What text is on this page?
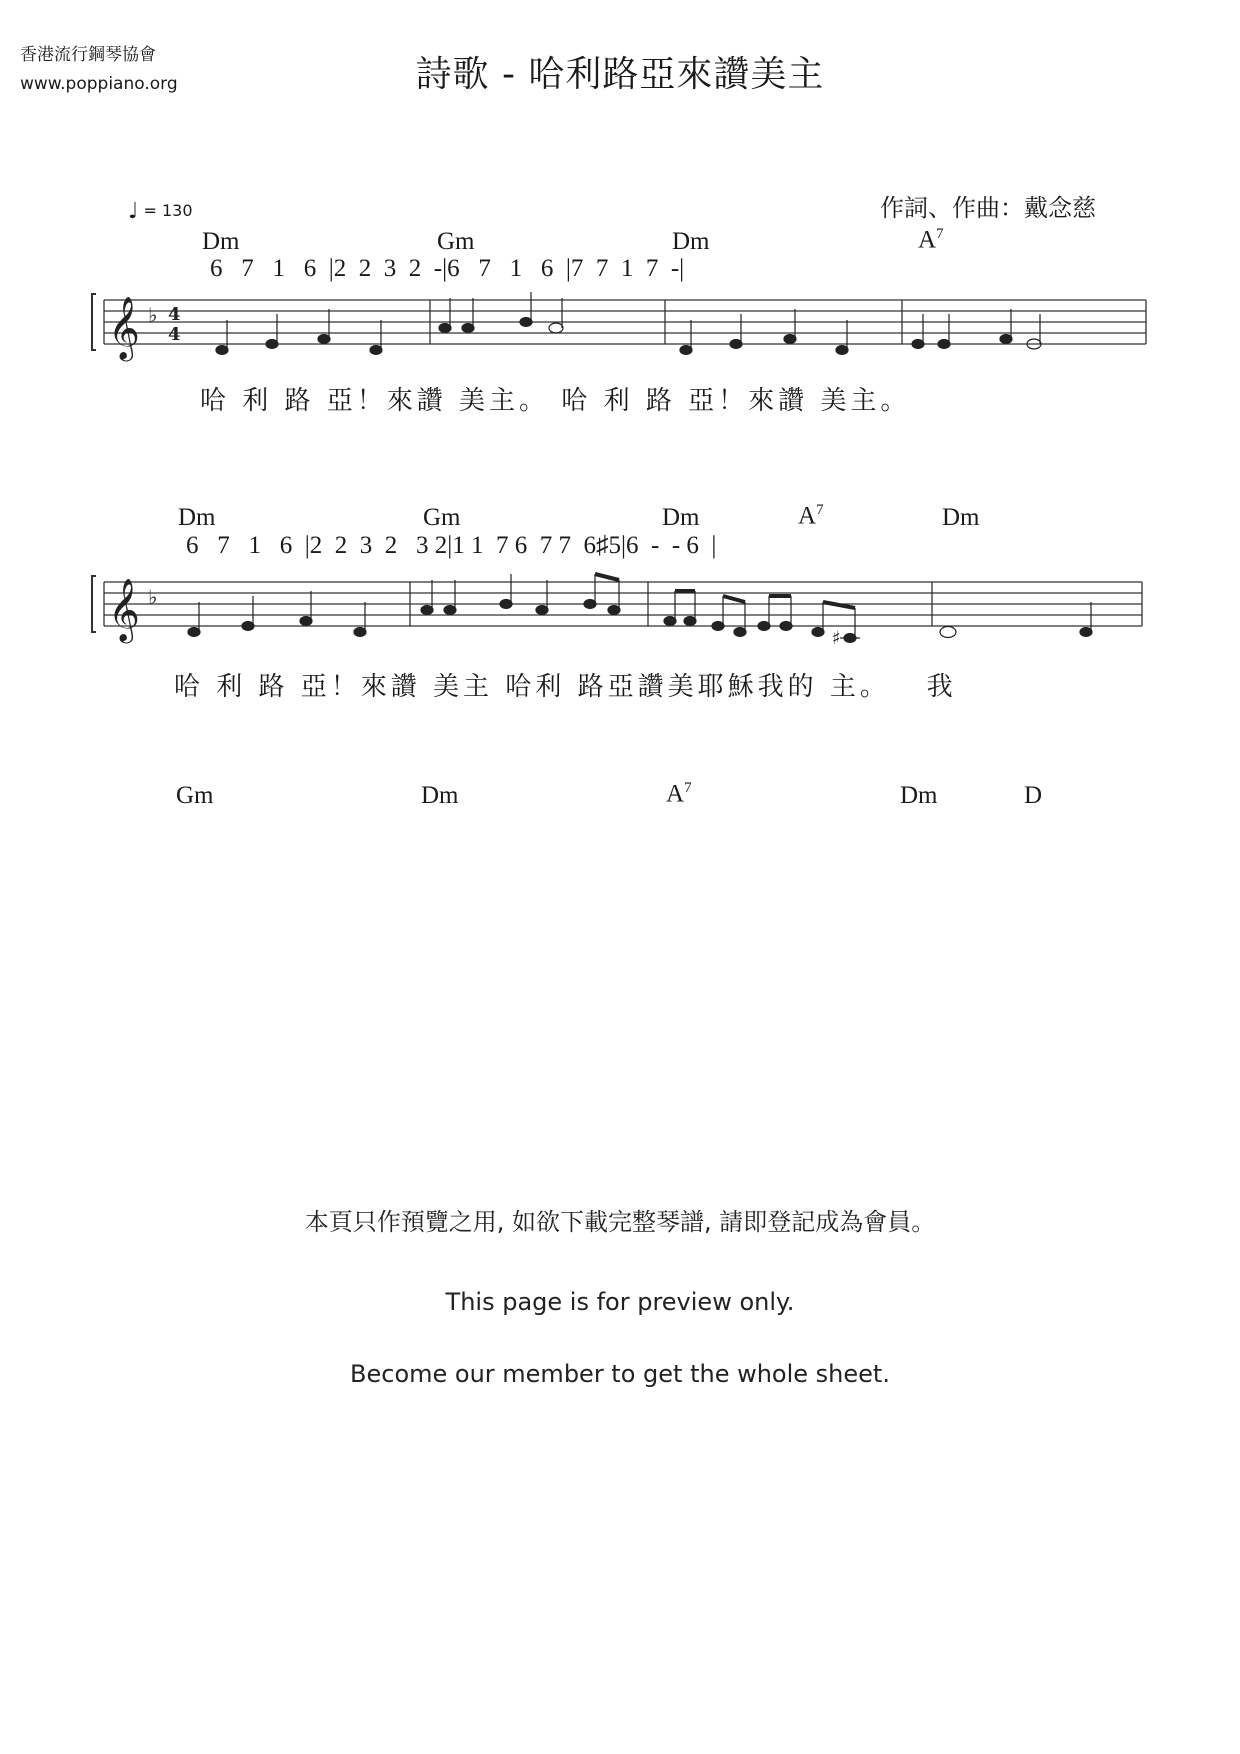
香港流行鋼琴協會
www.poppiano.org	詩歌 - 哈利路亞來讚美主
♩ = 130	作詞、作曲：戴念慈
Dm	Gm	Dm	$A^7$
6   7   1   6  |2  2  3  2  -|6   7   1   6  |7  7  1  7  -|
𝄞 ♭ 4
4
哈 利 路 亞！來讚 美主。 哈 利 路 亞！來讚 美主。
Dm	Gm	Dm	$A^7$	Dm
6   7   1   6  |2  2  3  2   3 2|1 1  7 6  7 7  6♯5|6  -  - 6  |
𝄞 ♭
♯
哈 利 路 亞！來讚 美主 哈利 路亞讚美耶穌我的 主。   我
Gm	Dm	$A^7$	Dm	D
本頁只作預覽之用, 如欲下載完整琴譜, 請即登記成為會員。
This page is for preview only.
Become our member to get the whole sheet.
